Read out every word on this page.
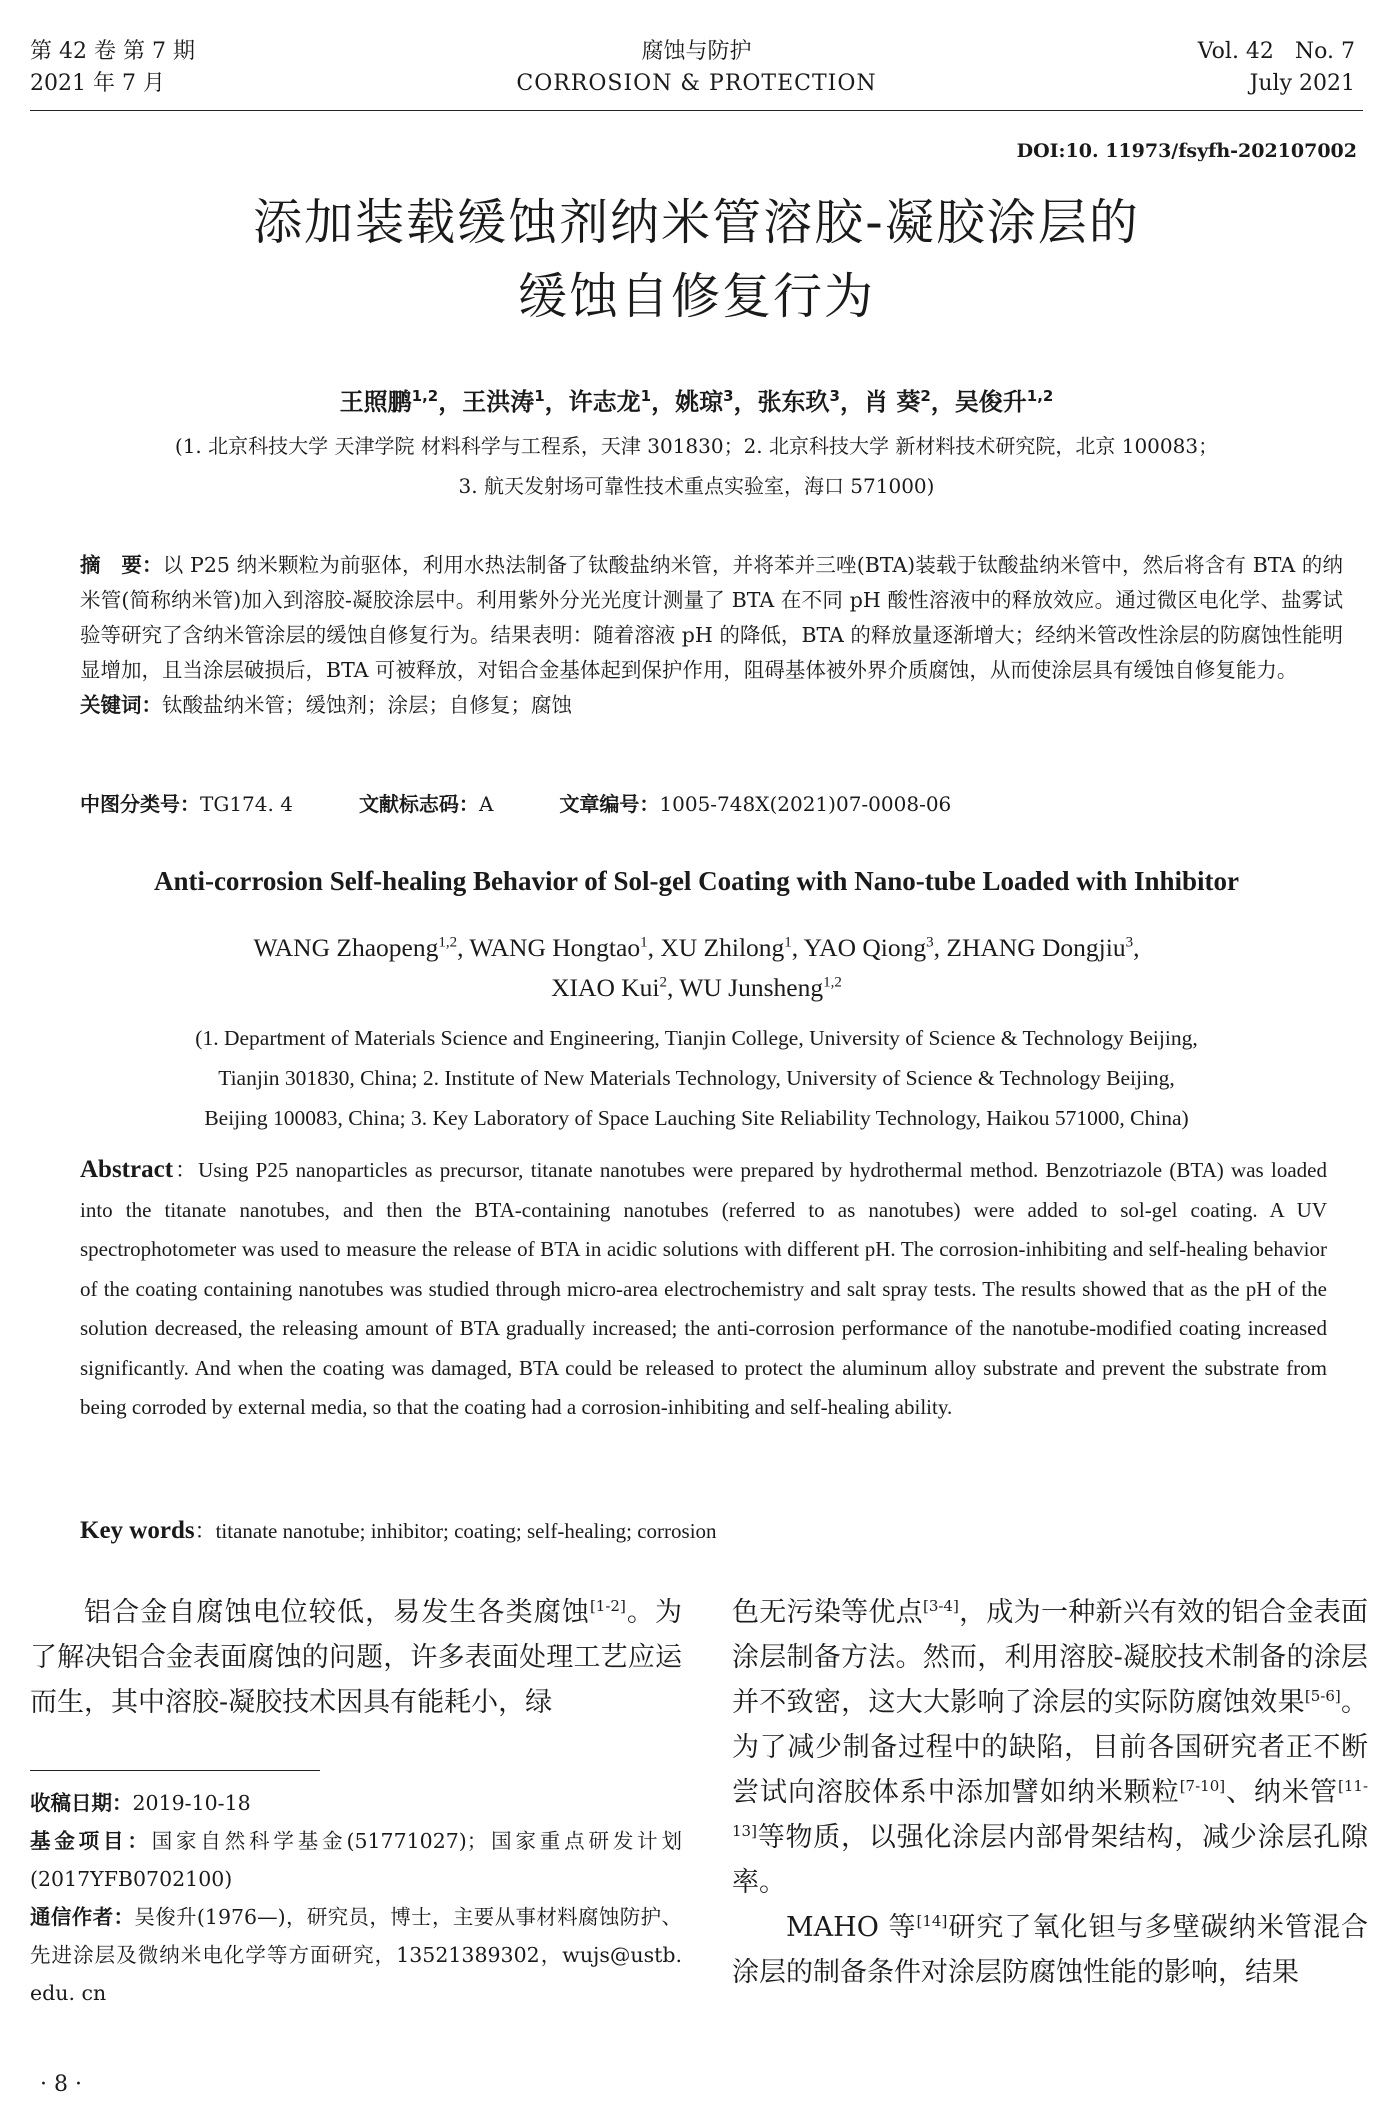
第 42 卷 第 7 期
2021 年 7 月
腐蚀与防护
CORROSION & PROTECTION
Vol. 42   No. 7
July 2021
DOI:10. 11973/fsyfh-202107002
添加装载缓蚀剂纳米管溶胶-凝胶涂层的
缓蚀自修复行为
王照鹏$^{1,2}$，王洪涛$^1$，许志龙$^1$，姚琼$^3$，张东玖$^3$，肖 葵$^2$，吴俊升$^{1,2}$
(1. 北京科技大学 天津学院 材料科学与工程系，天津 301830；2. 北京科技大学 新材料技术研究院，北京 100083；
3. 航天发射场可靠性技术重点实验室，海口 571000)
摘　要：以 P25 纳米颗粒为前驱体，利用水热法制备了钛酸盐纳米管，并将苯并三唑(BTA)装载于钛酸盐纳米管中，然后将含有 BTA 的纳米管(简称纳米管)加入到溶胶-凝胶涂层中。利用紫外分光光度计测量了 BTA 在不同 pH 酸性溶液中的释放效应。通过微区电化学、盐雾试验等研究了含纳米管涂层的缓蚀自修复行为。结果表明：随着溶液 pH 的降低，BTA 的释放量逐渐增大；经纳米管改性涂层的防腐蚀性能明显增加，且当涂层破损后，BTA 可被释放，对铝合金基体起到保护作用，阻碍基体被外界介质腐蚀，从而使涂层具有缓蚀自修复能力。
关键词：钛酸盐纳米管；缓蚀剂；涂层；自修复；腐蚀
中图分类号：TG174. 4	文献标志码：A	文章编号：1005-748X(2021)07-0008-06
Anti-corrosion Self-healing Behavior of Sol-gel Coating with Nano-tube Loaded with Inhibitor
WANG Zhaopeng$^{1,2}$, WANG Hongtao$^1$, XU Zhilong$^1$, YAO Qiong$^3$, ZHANG Dongjiu$^3$,
XIAO Kui$^2$, WU Junsheng$^{1,2}$
(1. Department of Materials Science and Engineering, Tianjin College, University of Science & Technology Beijing,
Tianjin 301830, China; 2. Institute of New Materials Technology, University of Science & Technology Beijing,
Beijing 100083, China; 3. Key Laboratory of Space Lauching Site Reliability Technology, Haikou 571000, China)
Abstract：Using P25 nanoparticles as precursor, titanate nanotubes were prepared by hydrothermal method. Benzotriazole (BTA) was loaded into the titanate nanotubes, and then the BTA-containing nanotubes (referred to as nanotubes) were added to sol-gel coating. A UV spectrophotometer was used to measure the release of BTA in acidic solutions with different pH. The corrosion-inhibiting and self-healing behavior of the coating containing nanotubes was studied through micro-area electrochemistry and salt spray tests. The results showed that as the pH of the solution decreased, the releasing amount of BTA gradually increased; the anti-corrosion performance of the nanotube-modified coating increased significantly. And when the coating was damaged, BTA could be released to protect the aluminum alloy substrate and prevent the substrate from being corroded by external media, so that the coating had a corrosion-inhibiting and self-healing ability.
Key words：titanate nanotube; inhibitor; coating; self-healing; corrosion

铝合金自腐蚀电位较低，易发生各类腐蚀[1-2]。为了解决铝合金表面腐蚀的问题，许多表面处理工艺应运而生，其中溶胶-凝胶技术因具有能耗小，绿

收稿日期：2019-10-18

基金项目：国家自然科学基金(51771027)；国家重点研发计划(2017YFB0702100)

通信作者：吴俊升(1976—)，研究员，博士，主要从事材料腐蚀防护、先进涂层及微纳米电化学等方面研究，13521389302，wujs@ustb. edu. cn

色无污染等优点[3-4]，成为一种新兴有效的铝合金表面涂层制备方法。然而，利用溶胶-凝胶技术制备的涂层并不致密，这大大影响了涂层的实际防腐蚀效果[5-6]。为了减少制备过程中的缺陷，目前各国研究者正不断尝试向溶胶体系中添加譬如纳米颗粒[7-10]、纳米管[11-13]等物质，以强化涂层内部骨架结构，减少涂层孔隙率。

MAHO 等[14]研究了氧化钽与多壁碳纳米管混合涂层的制备条件对涂层防腐蚀性能的影响，结果

· 8 ·
